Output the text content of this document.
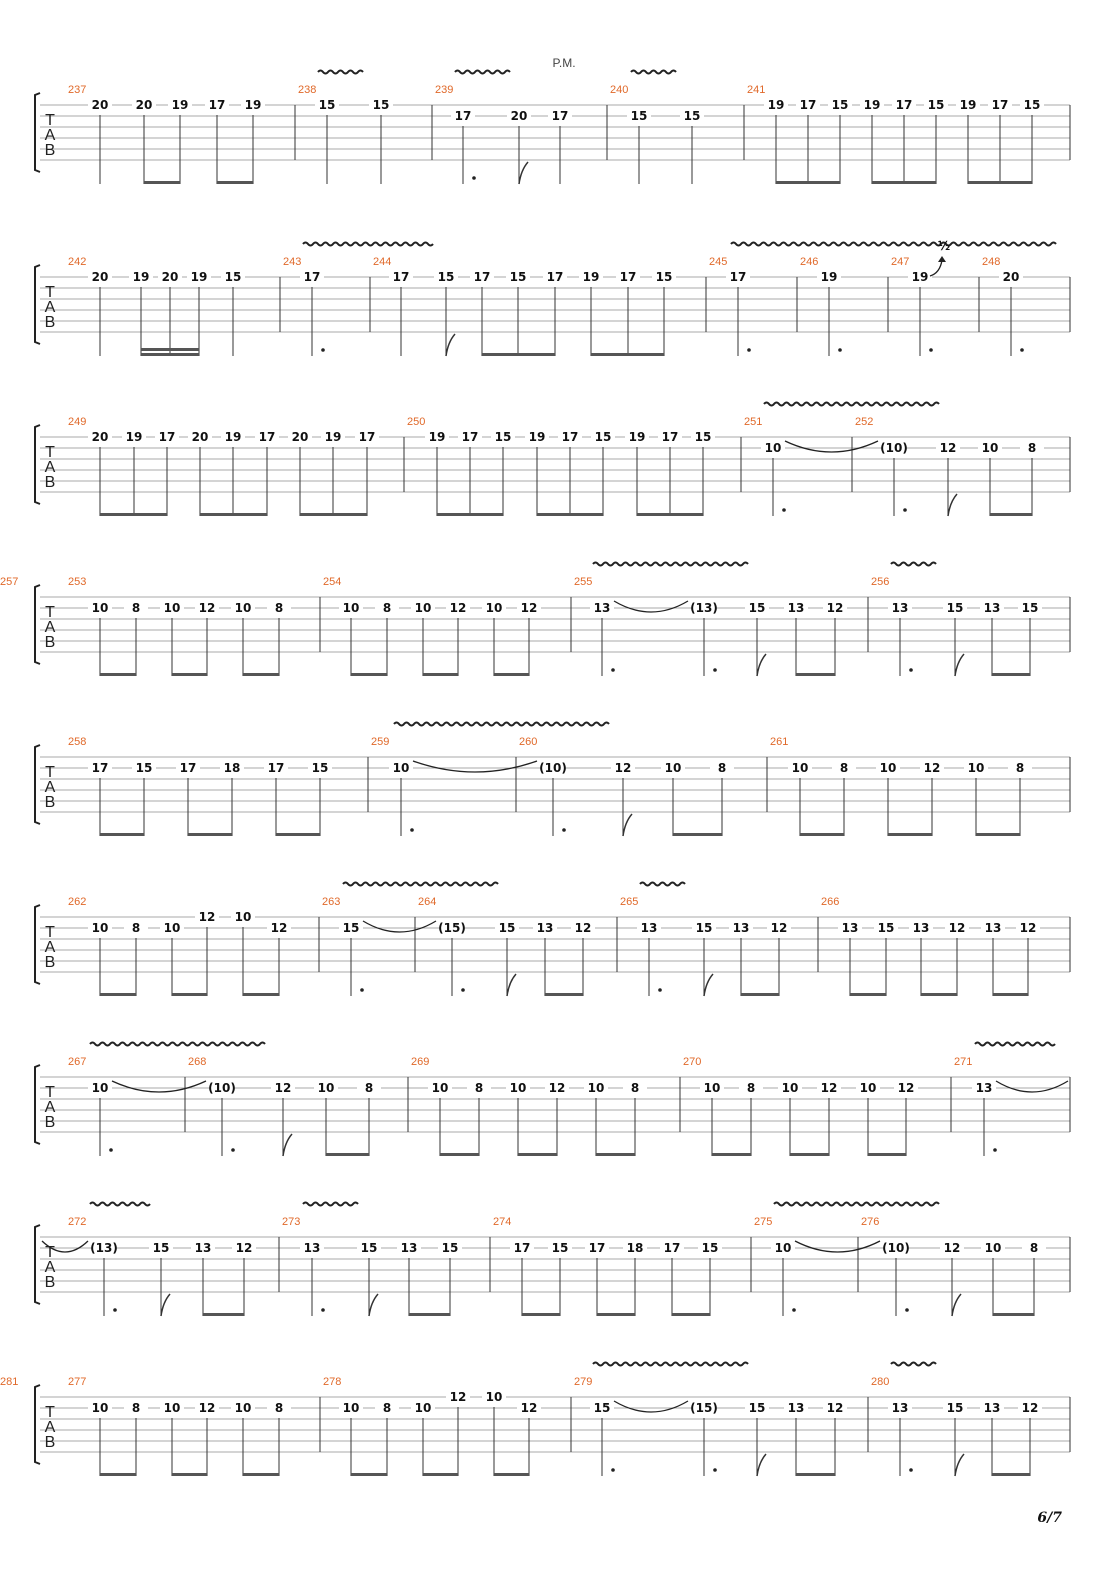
T
A
B
237	238	239	240	241
20 20 19 17 19	15	15
17	20 17	15	15
19 17 15 19 17 15 19 17 15
T
A
B
242	243	244	245	246	247	248
20 19 20 19 15	17	17 15 17 15 17 19 17 15	17	19	19	20
T
A
B
249	250	251	252
20 19 17 20 19 17 20 19 17	19 17 15 19 17 15 19 17 15
10	(10)	12 10 8
T
A
B
253	254	255	256
257
10 8 10 12 10 8	10 8 10 12 10 12	13	(13)	15 13 12	13	15 13 15
T
A
B
258	259	260	261
17 15 17 18 17 15	10	(10)	12	10	8	10	8	10 12 10	8
T
A
B
262	263	264	265	266
10 8 10
12 10
12	15	(15)	15 13 12	13	15 13 12	13 15 13 12 13 12
T
A
B
267	268	269	270	271
10	(10)	12 10	8	10 8 10 12 10 8	10 8 10 12 10 12	13
T
A
B
272	273	274	275	276
(13)	15 13 12	13	15 13 15	17 15 17 18 17 15	10	(10)	12 10 8
T
A
B
277	278	279	280
281
10 8 10 12 10 8	10 8 10
12 10
12	15	(15)	15 13 12	13	15 13 12
P.M.
½
6/7
